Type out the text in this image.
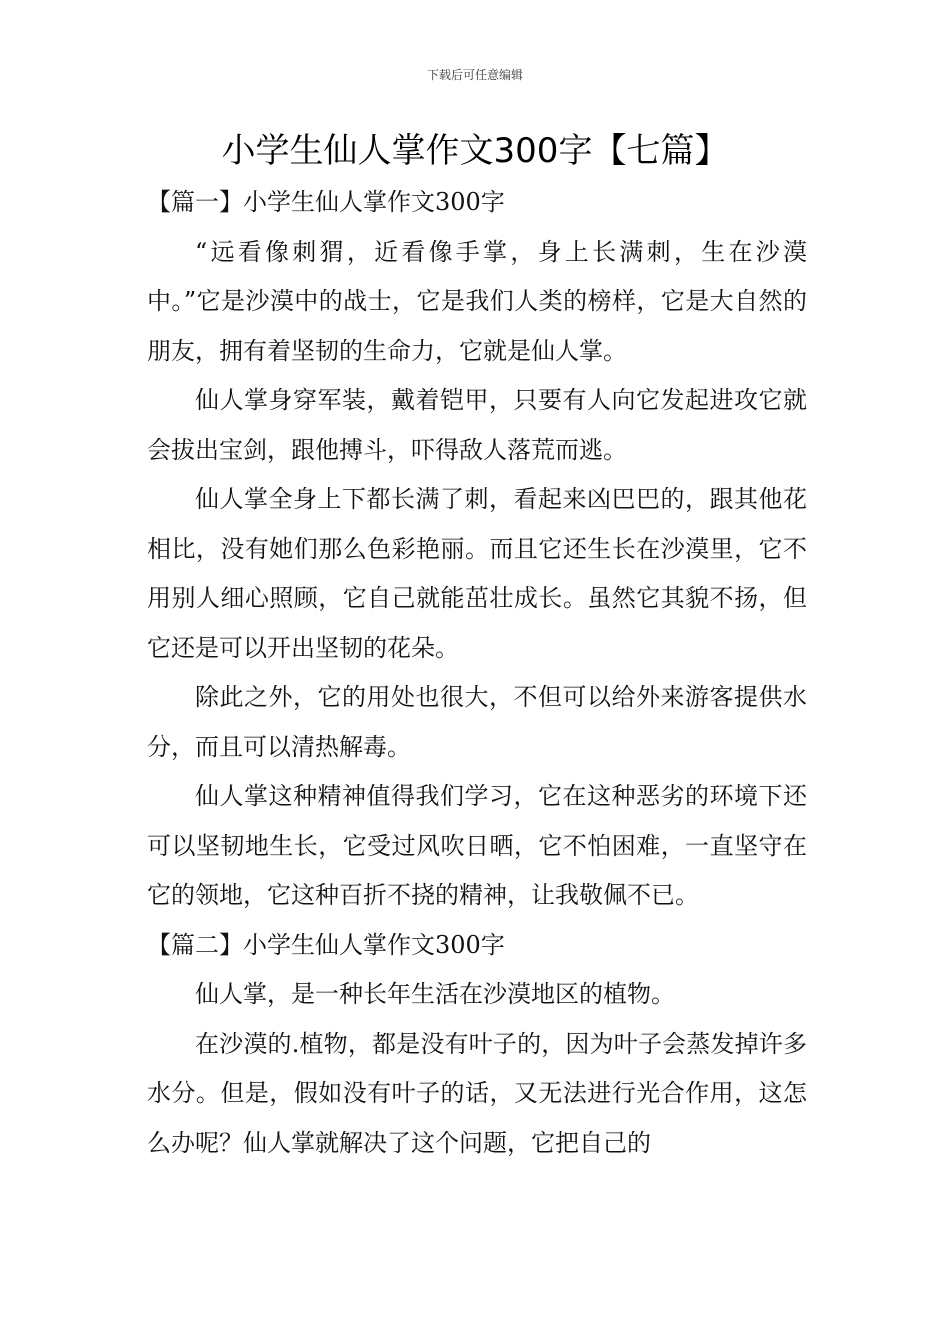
下载后可任意编辑
小学生仙人掌作文300字【七篇】
【篇一】小学生仙人掌作文300字

“远看像刺猬，近看像手掌，身上长满刺，生在沙漠中。”它是沙漠中的战士，它是我们人类的榜样，它是大自然的朋友，拥有着坚韧的生命力，它就是仙人掌。

仙人掌身穿军装，戴着铠甲，只要有人向它发起进攻它就会拔出宝剑，跟他搏斗，吓得敌人落荒而逃。

仙人掌全身上下都长满了刺，看起来凶巴巴的，跟其他花相比，没有她们那么色彩艳丽。而且它还生长在沙漠里，它不用别人细心照顾，它自己就能茁壮成长。虽然它其貌不扬，但它还是可以开出坚韧的花朵。

除此之外，它的用处也很大，不但可以给外来游客提供水分，而且可以清热解毒。

仙人掌这种精神值得我们学习，它在这种恶劣的环境下还可以坚韧地生长，它受过风吹日晒，它不怕困难，一直坚守在它的领地，它这种百折不挠的精神，让我敬佩不已。

【篇二】小学生仙人掌作文300字

仙人掌，是一种长年生活在沙漠地区的植物。

在沙漠的.植物，都是没有叶子的，因为叶子会蒸发掉许多水分。但是，假如没有叶子的话，又无法进行光合作用，这怎么办呢？仙人掌就解决了这个问题，它把自己的
